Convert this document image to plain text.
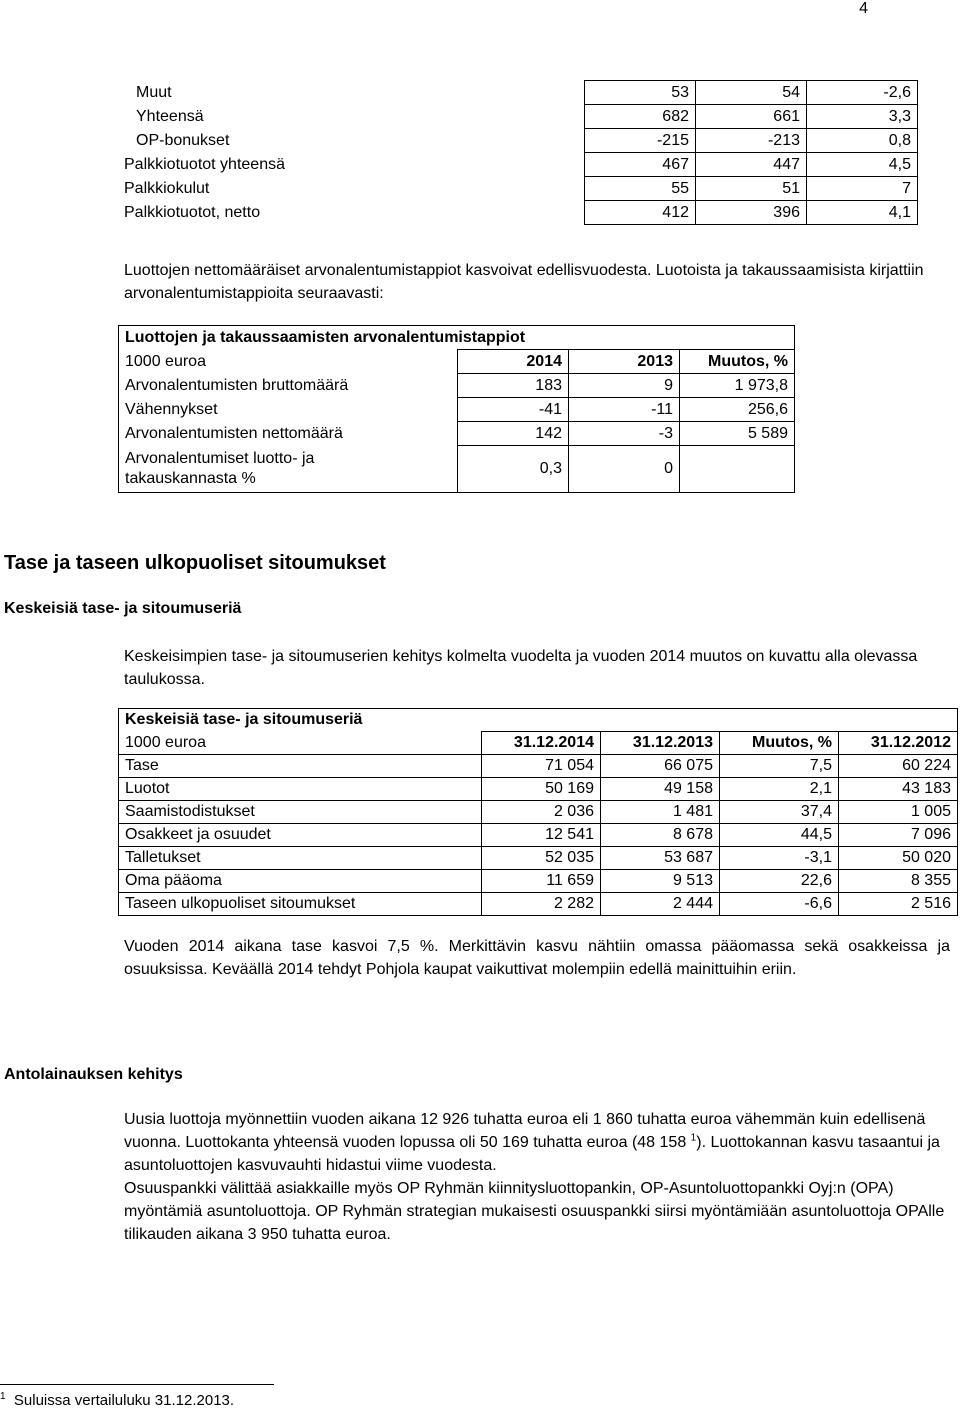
4
Muut	53	54	-2,6
Yhteensä	682	661	3,3
OP-bonukset	-215	-213	0,8
Palkkiotuotot yhteensä	467	447	4,5
Palkkiokulut	55	51	7
Palkkiotuotot, netto	412	396	4,1
Luottojen nettomääräiset arvonalentumistappiot kasvoivat edellisvuodesta. Luotoista ja takaussaamisista kirjattiin arvonalentumistappioita seuraavasti:
Luottojen ja takaussaamisten arvonalentumistappiot			
1000 euroa	2014	2013	Muutos, %
Arvonalentumisten bruttomäärä	183	9	1 973,8
Vähennykset	-41	-11	256,6
Arvonalentumisten nettomäärä	142	-3	5 589
Arvonalentumiset luotto- ja
takauskannasta %	0,3	0	
Tase ja taseen ulkopuoliset sitoumukset
Keskeisiä tase- ja sitoumuseriä
Keskeisimpien tase- ja sitoumuserien kehitys kolmelta vuodelta ja vuoden 2014 muutos on kuvattu alla olevassa taulukossa.
Keskeisiä tase- ja sitoumuseriä				
1000 euroa	31.12.2014	31.12.2013	Muutos, %	31.12.2012
Tase	71 054	66 075	7,5	60 224
Luotot	50 169	49 158	2,1	43 183
Saamistodistukset	2 036	1 481	37,4	1 005
Osakkeet ja osuudet	12 541	8 678	44,5	7 096
Talletukset	52 035	53 687	-3,1	50 020
Oma pääoma	11 659	9 513	22,6	8 355
Taseen ulkopuoliset sitoumukset	2 282	2 444	-6,6	2 516
Vuoden 2014 aikana tase kasvoi 7,5 %. Merkittävin kasvu nähtiin omassa pääomassa sekä osakkeissa ja osuuksissa. Keväällä 2014 tehdyt Pohjola kaupat vaikuttivat molempiin edellä mainittuihin eriin.
Antolainauksen kehitys
Uusia luottoja myönnettiin vuoden aikana 12 926 tuhatta euroa eli 1 860 tuhatta euroa vähemmän kuin edellisenä vuonna. Luottokanta yhteensä vuoden lopussa oli 50 169 tuhatta euroa (48 158 $^1$). Luottokannan kasvu tasaantui ja asuntoluottojen kasvuvauhti hidastui viime vuodesta.
Osuuspankki välittää asiakkaille myös OP Ryhmän kiinnitysluottopankin, OP-Asuntoluottopankki Oyj:n (OPA) myöntämiä asuntoluottoja. OP Ryhmän strategian mukaisesti osuuspankki siirsi myöntämiään asuntoluottoja OPAlle tilikauden aikana 3 950 tuhatta euroa.
$^1$ Suluissa vertailuluku 31.12.2013.
